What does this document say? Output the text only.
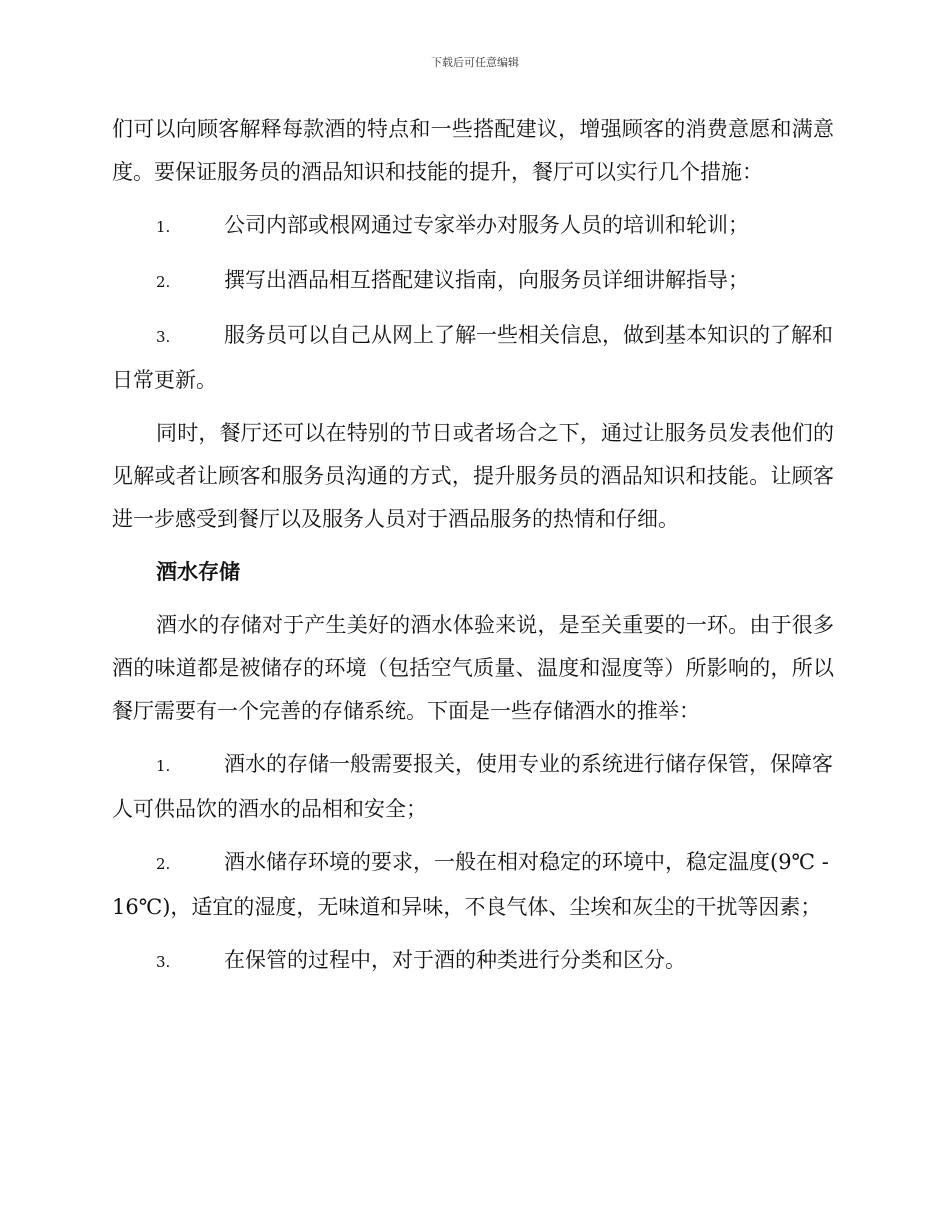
下载后可任意编辑

们可以向顾客解释每款酒的特点和一些搭配建议，增强顾客的消费意愿和满意度。要保证服务员的酒品知识和技能的提升，餐厅可以实行几个措施：

1.	公司内部或根网通过专家举办对服务人员的培训和轮训；

2.	撰写出酒品相互搭配建议指南，向服务员详细讲解指导；

3.	服务员可以自己从网上了解一些相关信息，做到基本知识的了解和日常更新。

同时，餐厅还可以在特别的节日或者场合之下，通过让服务员发表他们的见解或者让顾客和服务员沟通的方式，提升服务员的酒品知识和技能。让顾客进一步感受到餐厅以及服务人员对于酒品服务的热情和仔细。

酒水存储

酒水的存储对于产生美好的酒水体验来说，是至关重要的一环。由于很多酒的味道都是被储存的环境（包括空气质量、温度和湿度等）所影响的，所以餐厅需要有一个完善的存储系统。下面是一些存储酒水的推举：

1.	酒水的存储一般需要报关，使用专业的系统进行储存保管，保障客人可供品饮的酒水的品相和安全；

2.	酒水储存环境的要求，一般在相对稳定的环境中，稳定温度(9℃ - 16℃)，适宜的湿度，无味道和异味，不良气体、尘埃和灰尘的干扰等因素；

3.	在保管的过程中，对于酒的种类进行分类和区分。
